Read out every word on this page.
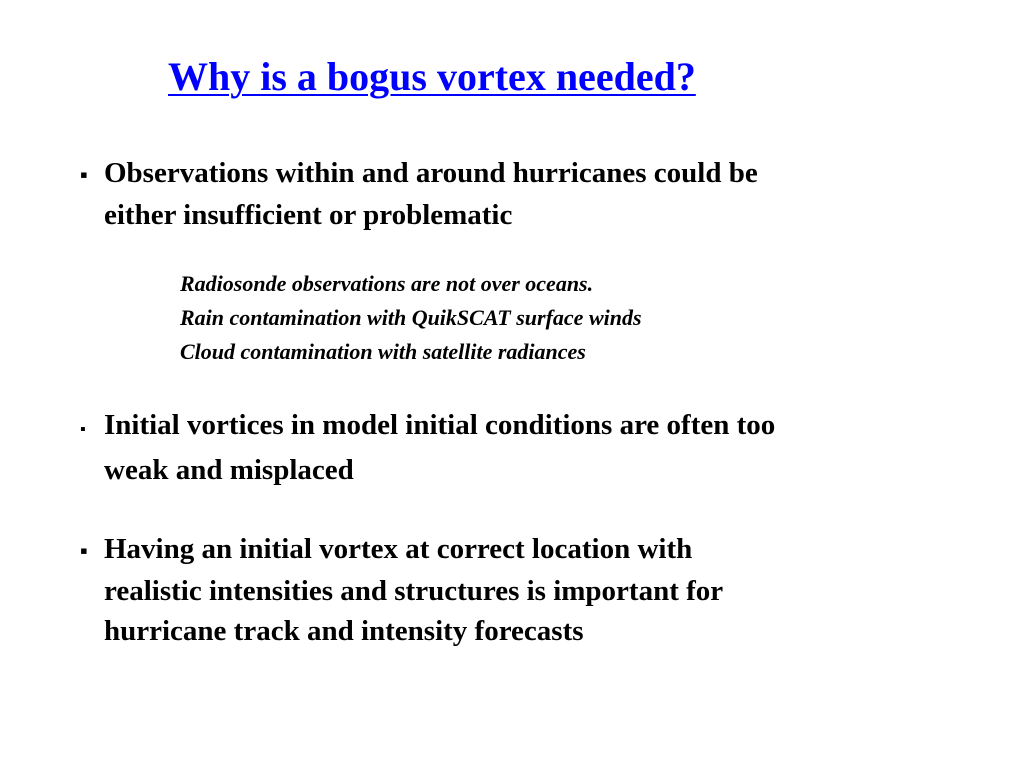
Why is a bogus vortex needed?
▪ Observations within and around hurricanes could be
either insufficient or problematic
Radiosonde observations are not over oceans.
Rain contamination with QuikSCAT surface winds
Cloud contamination with satellite radiances
▪ Initial vortices in model initial conditions are often too
weak and misplaced
▪ Having an initial vortex at correct location with
realistic intensities and structures is important for
hurricane track and intensity forecasts
